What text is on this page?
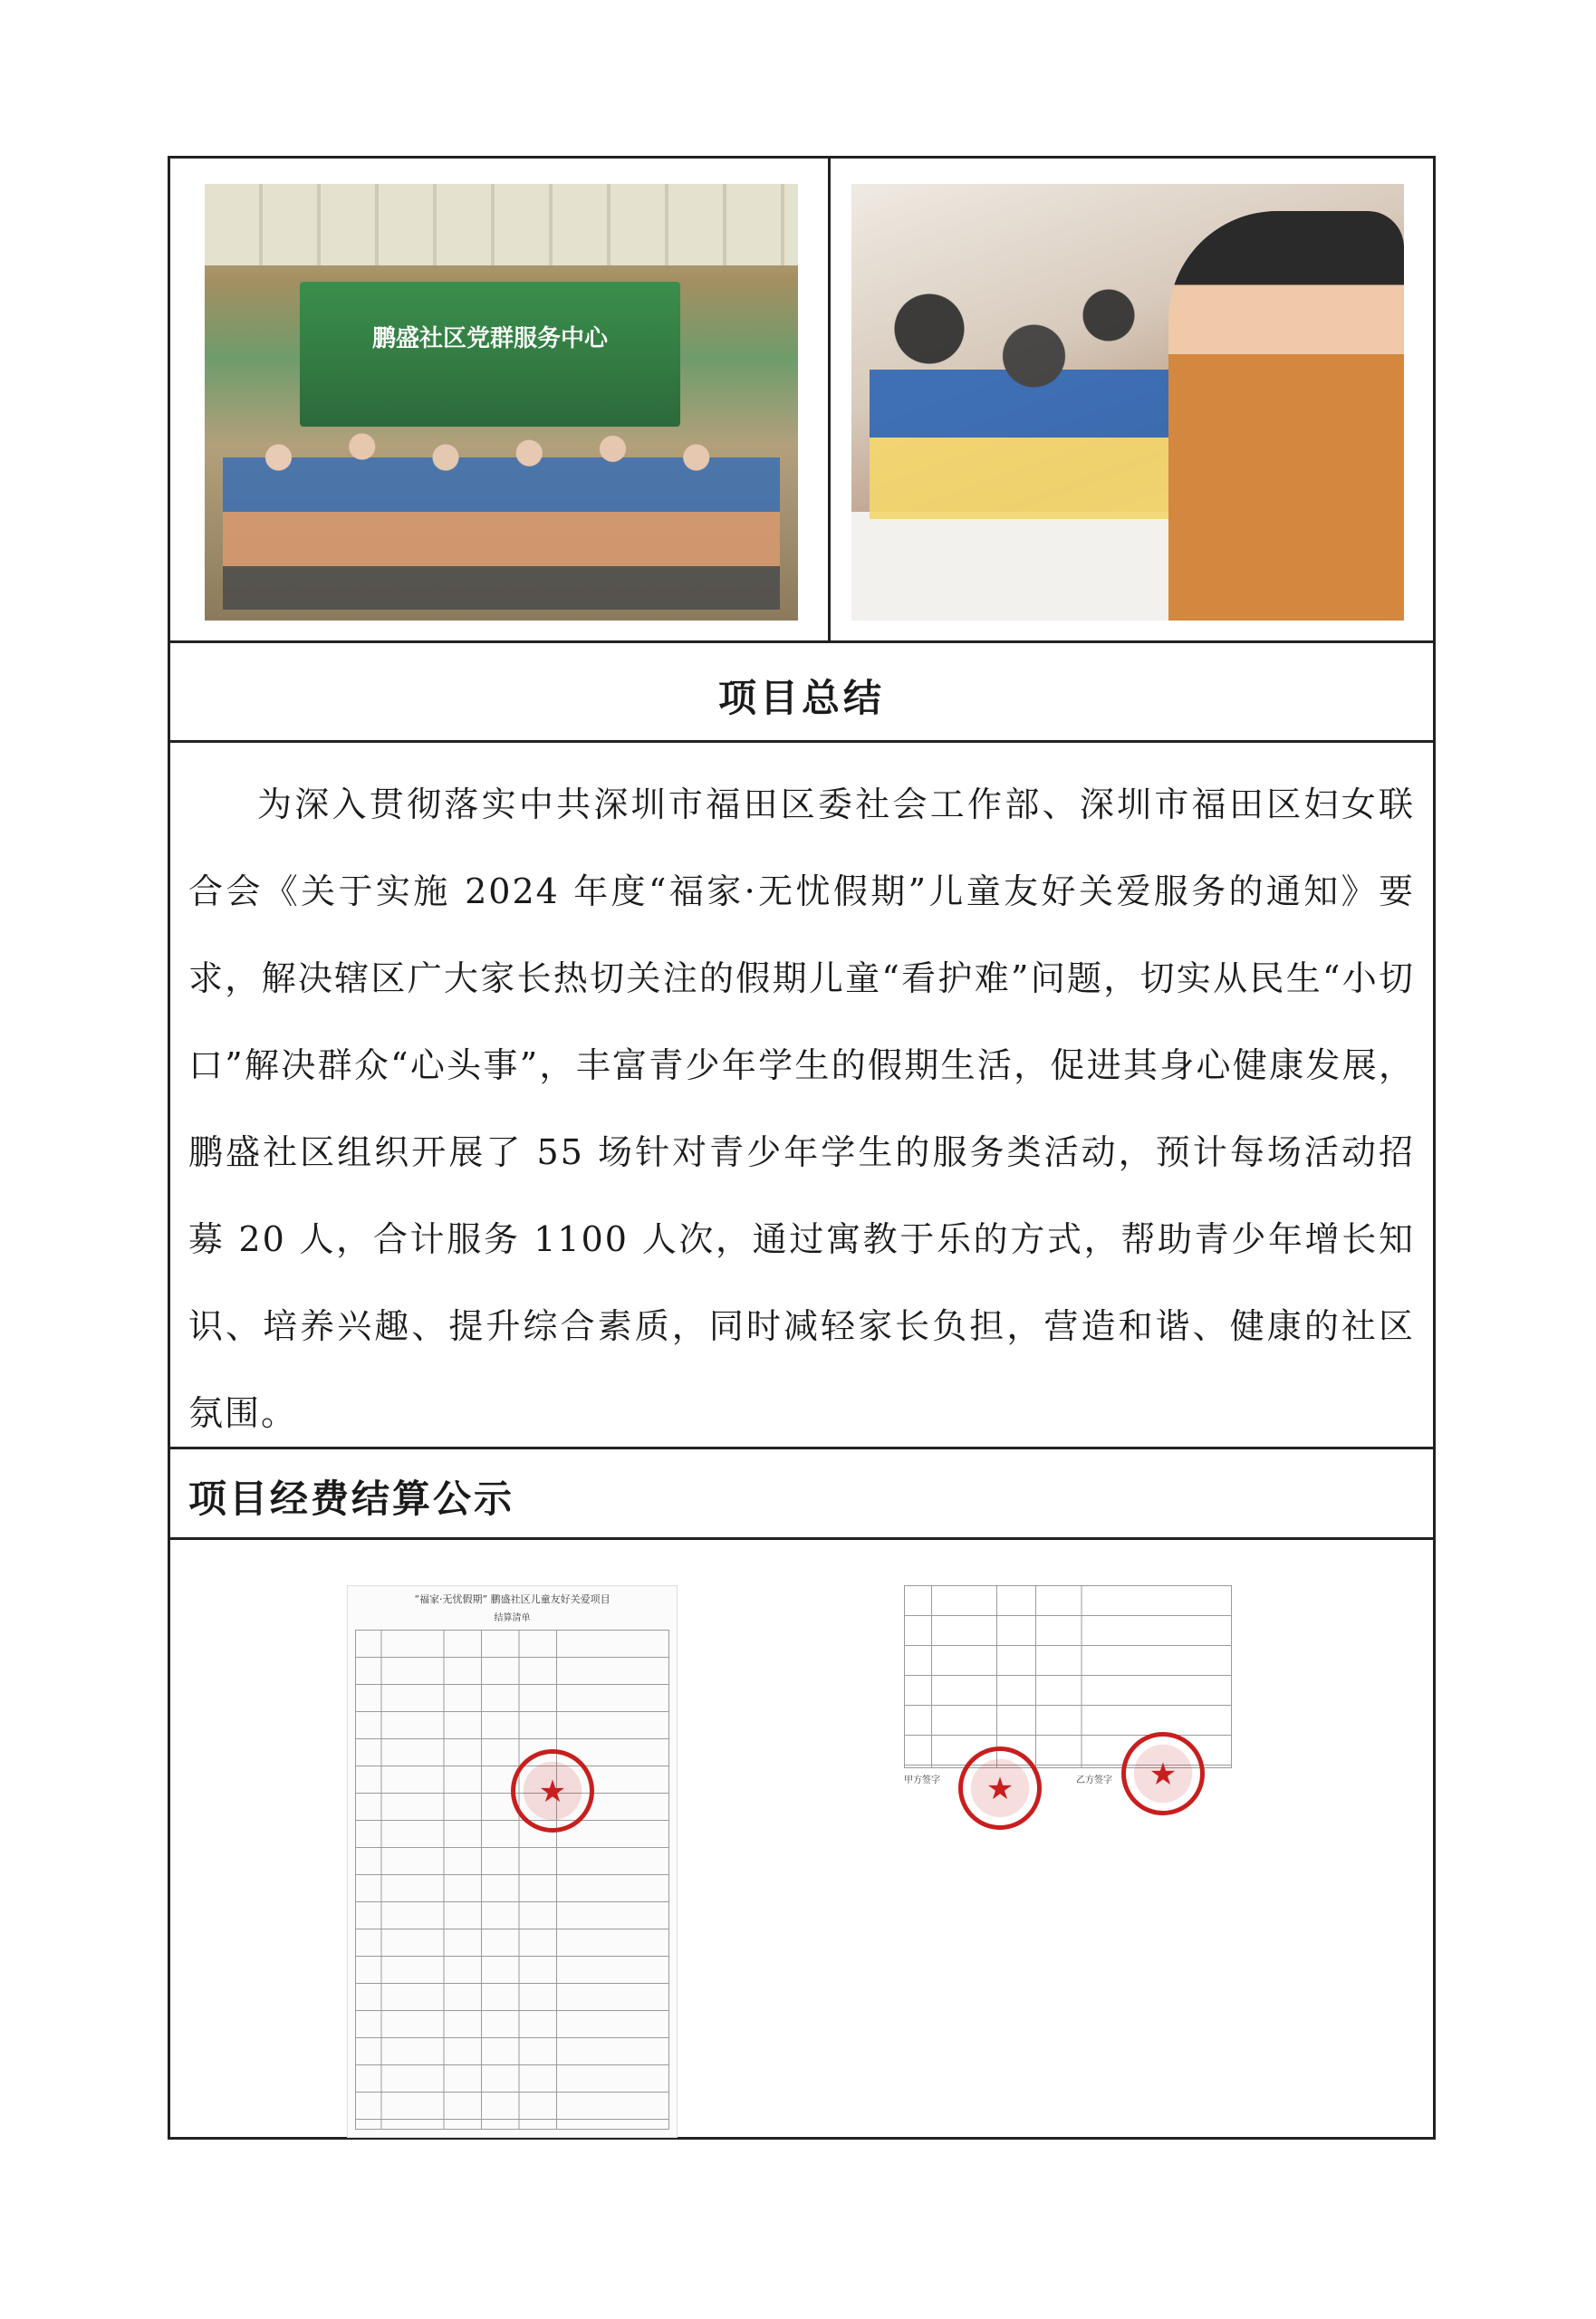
鹏盛社区党群服务中心
项目总结
为深入贯彻落实中共深圳市福田区委社会工作部、深圳市福田区妇女联合会《关于实施 2024 年度“福家·无忧假期”儿童友好关爱服务的通知》要求，解决辖区广大家长热切关注的假期儿童“看护难”问题，切实从民生“小切口”解决群众“心头事”，丰富青少年学生的假期生活，促进其身心健康发展，鹏盛社区组织开展了 55 场针对青少年学生的服务类活动，预计每场活动招募 20 人，合计服务 1100 人次，通过寓教于乐的方式，帮助青少年增长知识、培养兴趣、提升综合素质，同时减轻家长负担，营造和谐、健康的社区氛围。
项目经费结算公示
“福家·无忧假期” 鹏盛社区儿童友好关爱项目
结算清单
★
甲方签字	乙方签字
★
★
